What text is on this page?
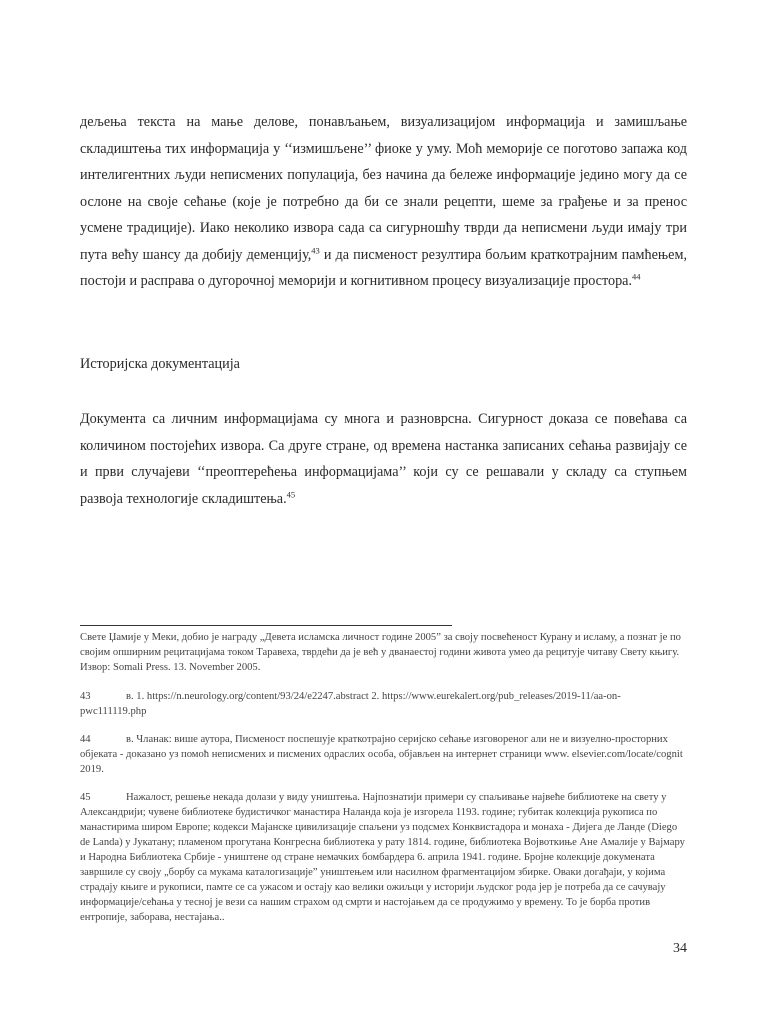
дељења текста на мање делове, понављањем, визуализацијом информација и замишљање складиштења тих информација у ‘‘измишљене’’ фиоке у уму. Моћ меморије се поготово запажа код интелигентних људи неписмених популација, без начина да бележе информације једино могу да се ослоне на своје сећање (које је потребно да би се знали рецепти, шеме за грађење и за пренос усмене традиције). Иако неколико извора сада са сигурношћу тврди да неписмени људи имају три пута већу шансу да добију деменцију,$^{43}$ и да писменост резултира бољим краткотрајним памћењем, постоји и расправа о дугорочној меморији и когнитивном процесу визуализације простора.$^{44}$

Историјска документација

Документа са личним информацијама су многа и разноврсна. Сигурност доказа се повећава са количином постојећих извора. Са друге стране, од времена настанка записаних сећања развијају се и први случајеви ‘‘преоптерећења информацијама’’ који су се решавали у складу са ступњем развоја технологије складиштења.$^{45}$

Свете Џамије у Меки, добио је награду „Девета исламска личност године 2005” за своју посвећеност Курану и исламу, а познат је по својим опширним рецитацијама током Таравеха, тврдећи да је већ у дванаестој години живота умео да рецитује читаву Свету књигу. Извор: Somali Press. 13. November 2005.

43	в. 1. https://n.neurology.org/content/93/24/e2247.abstract 2. https://www.eurekalert.org/pub_releases/2019-11/aa-on-pwc111119.php

44	в. Чланак: више аутора, Писменост поспешује краткотрајно серијско сећање изговореног али не и визуелно-просторних објеката - доказано уз помоћ неписмених и писмених одраслих особа, објављен на интернет страници www. elsevier.com/locate/cognit 2019.

45	Нажалост, решење некада долази у виду уништења. Најпознатији примери су спаљивање највеће библиотеке на свету у Александрији; чувене библиотеке будистичког манастира Наланда која је изгорела 1193. године; губитак колекција рукописа по манастирима широм Европе; кодекси Мајанске цивилизације спаљени уз подсмех Конквистадора и монаха - Дијега де Ланде (Diego de Landa) у Јукатану; пламеном прогутана Конгресна библиотека у рату 1814. године, библиотека Војвоткиње Ане Амалије у Вајмару и Народна Библиотека Србије - уништене од стране немачких бомбардера 6. априла 1941. године. Бројне колекције докумената завршиле су своју „борбу са мукама каталогизације” уништењем или насилном фрагментацијом збирке. Оваки догађаји, у којима страдају књиге и рукописи, памте се са ужасом и остају као велики ожиљци у историји људског рода јер је потреба да се сачувају информације/сећања у теснoј је вези са нашим страхом од смрти и настојањем да се продужимо у времену. То је борба против ентропије, заборава, нестајања..

34
